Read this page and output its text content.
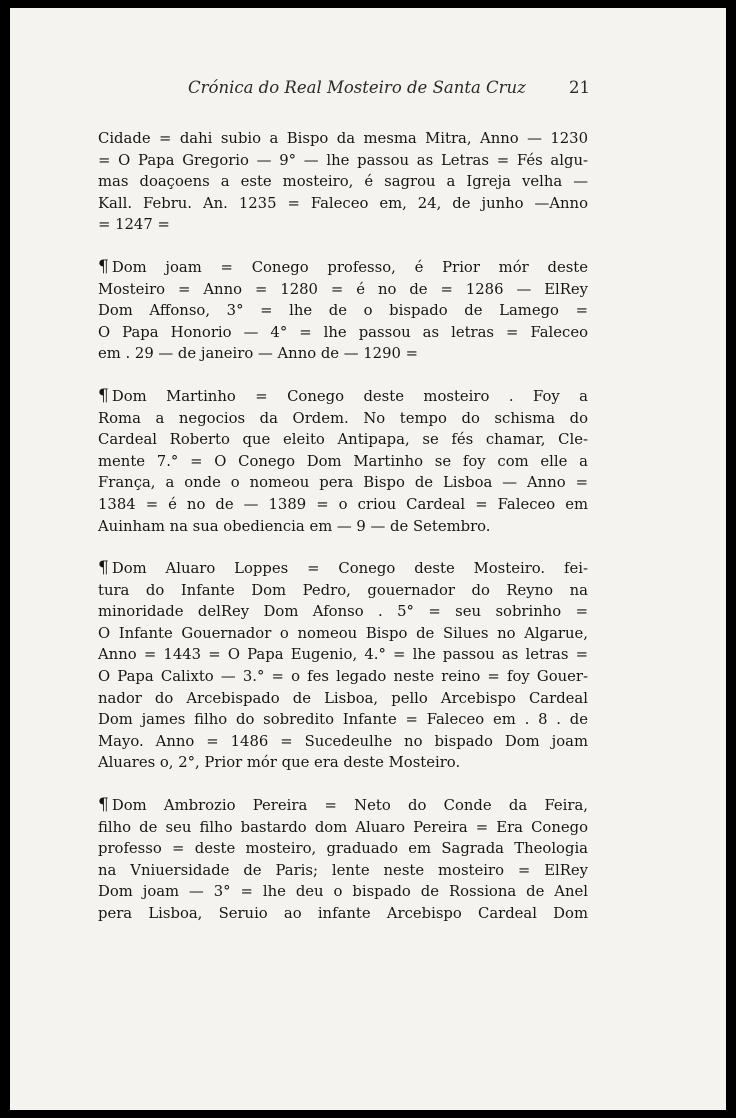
Crónica do Real Mosteiro de Santa Cruz	21

Cidade = dahi subio a Bispo da mesma Mitra, Anno — 1230

= O Papa Gregorio — 9° — lhe passou as Letras = Fés algu-

mas doaçoens a este mosteiro, é sagrou a Igreja velha —

Kall. Febru. An. 1235 = Faleceo em, 24, de junho —Anno

= 1247 =

¶ Dom joam = Conego professo, é Prior mór deste

Mosteiro = Anno = 1280 = é no de = 1286 — ElRey

Dom Affonso, 3° = lhe de o bispado de Lamego =

O Papa Honorio — 4° = lhe passou as letras = Faleceo

em . 29 — de janeiro — Anno de — 1290 =

¶ Dom Martinho = Conego deste mosteiro . Foy a

Roma a negocios da Ordem. No tempo do schisma do

Cardeal Roberto que eleito Antipapa, se fés chamar, Cle-

mente 7.° = O Conego Dom Martinho se foy com elle a

França, a onde o nomeou pera Bispo de Lisboa — Anno =

1384 = é no de — 1389 = o criou Cardeal = Faleceo em

Auinham na sua obediencia em — 9 — de Setembro.

¶ Dom Aluaro Loppes = Conego deste Mosteiro. fei-

tura do Infante Dom Pedro, gouernador do Reyno na

minoridade delRey Dom Afonso . 5° = seu sobrinho =

O Infante Gouernador o nomeou Bispo de Silues no Algarue,

Anno = 1443 = O Papa Eugenio, 4.° = lhe passou as letras =

O Papa Calixto — 3.° = o fes legado neste reino = foy Gouer-

nador do Arcebispado de Lisboa, pello Arcebispo Cardeal

Dom james filho do sobredito Infante = Faleceo em . 8 . de

Mayo. Anno = 1486 = Sucedeulhe no bispado Dom joam

Aluares o, 2°, Prior mór que era deste Mosteiro.

¶ Dom Ambrozio Pereira = Neto do Conde da Feira,

filho de seu filho bastardo dom Aluaro Pereira = Era Conego

professo = deste mosteiro, graduado em Sagrada Theologia

na Vniuersidade de Paris; lente neste mosteiro = ElRey

Dom joam — 3° = lhe deu o bispado de Rossiona de Anel

pera Lisboa, Seruio ao infante Arcebispo Cardeal Dom
